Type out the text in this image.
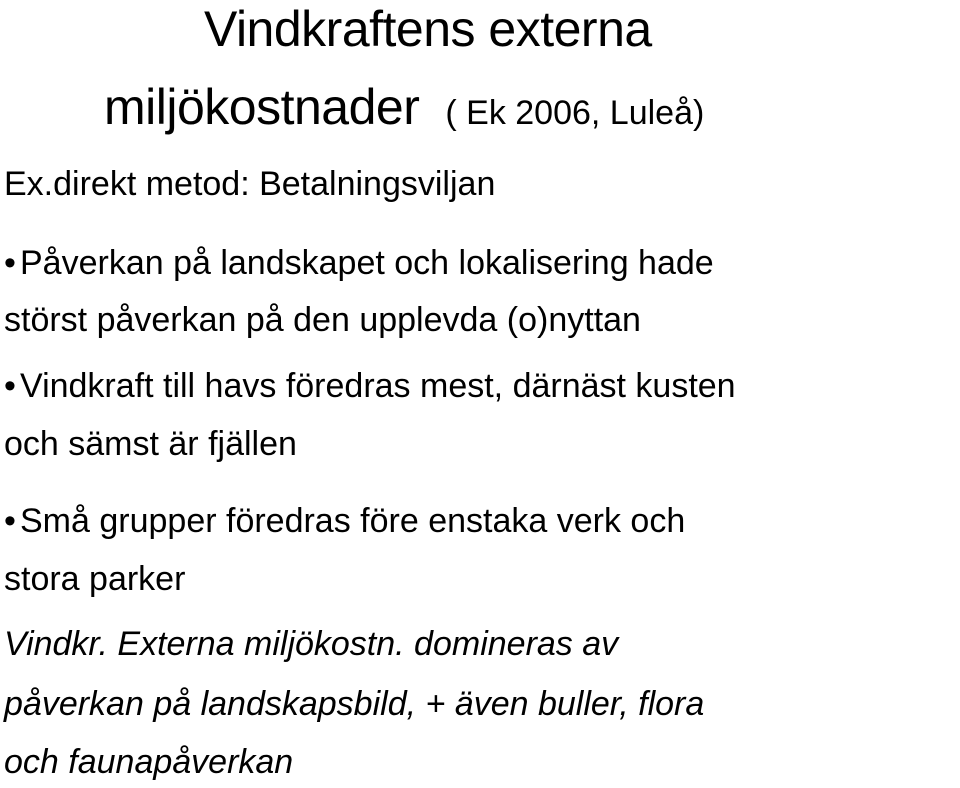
Vindkraftens externa
miljökostnader ( Ek 2006, Luleå)
Ex.direkt metod: Betalningsviljan
• Påverkan på landskapet och lokalisering hade
störst påverkan på den upplevda (o)nyttan
• Vindkraft till havs föredras mest, därnäst kusten
och sämst är fjällen
• Små grupper föredras före enstaka verk och
stora parker
Vindkr. Externa miljökostn. domineras av
påverkan på landskapsbild, + även buller, flora
och faunapåverkan
